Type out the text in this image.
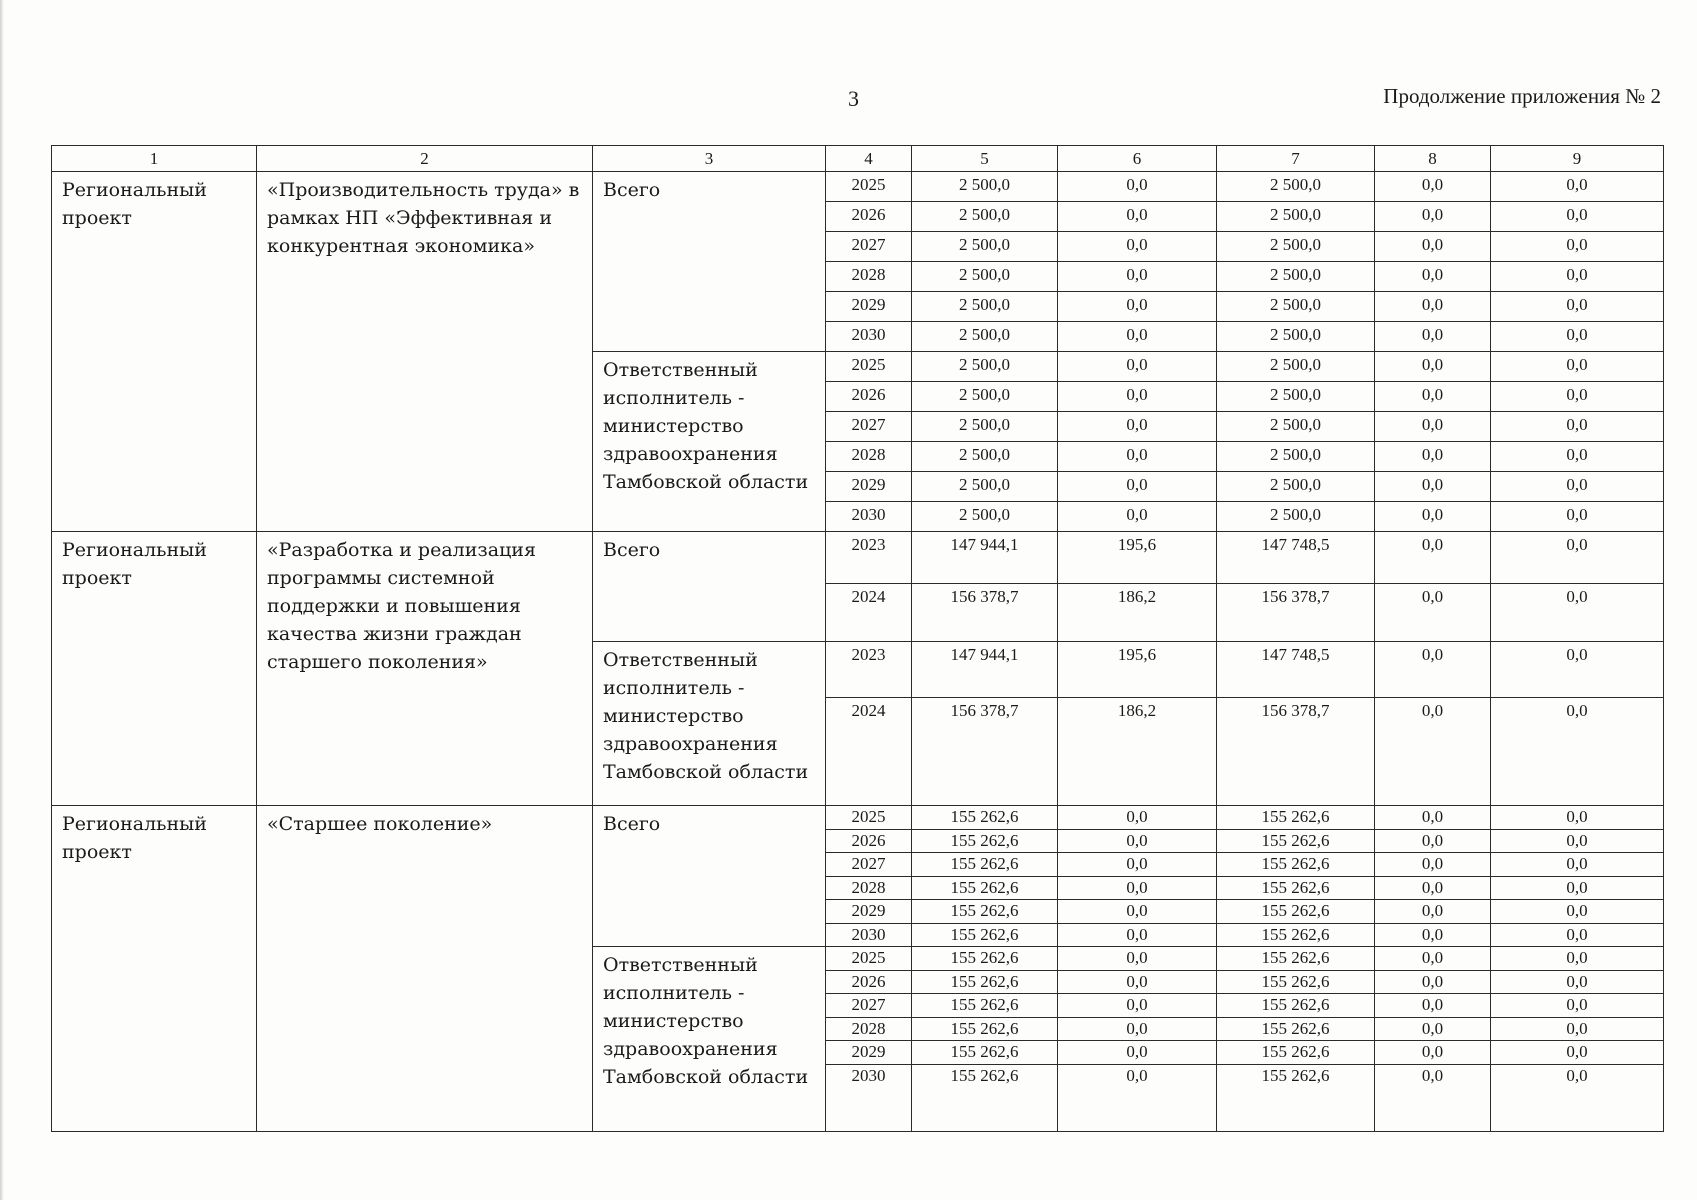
3	Продолжение приложения № 2
1	2	3	4	5	6	7	8	9
Региональный проект	«Производительность труда» в рамках НП «Эффективная и конкурентная экономика»	Всего	2025	2 500,0	0,0	2 500,0	0,0	0,0
			2026	2 500,0	0,0	2 500,0	0,0	0,0
			2027	2 500,0	0,0	2 500,0	0,0	0,0
			2028	2 500,0	0,0	2 500,0	0,0	0,0
			2029	2 500,0	0,0	2 500,0	0,0	0,0
			2030	2 500,0	0,0	2 500,0	0,0	0,0
		Ответственный исполнитель - министерство здравоохранения Тамбовской области	2025	2 500,0	0,0	2 500,0	0,0	0,0
			2026	2 500,0	0,0	2 500,0	0,0	0,0
			2027	2 500,0	0,0	2 500,0	0,0	0,0
			2028	2 500,0	0,0	2 500,0	0,0	0,0
			2029	2 500,0	0,0	2 500,0	0,0	0,0
			2030	2 500,0	0,0	2 500,0	0,0	0,0
Региональный проект	«Разработка и реализация программы системной поддержки и повышения качества жизни граждан старшего поколения»	Всего	2023	147 944,1	195,6	147 748,5	0,0	0,0
			2024	156 378,7	186,2	156 378,7	0,0	0,0
		Ответственный исполнитель - министерство здравоохранения Тамбовской области	2023	147 944,1	195,6	147 748,5	0,0	0,0
			2024	156 378,7	186,2	156 378,7	0,0	0,0
Региональный проект	«Старшее поколение»	Всего	2025	155 262,6	0,0	155 262,6	0,0	0,0
			2026	155 262,6	0,0	155 262,6	0,0	0,0
			2027	155 262,6	0,0	155 262,6	0,0	0,0
			2028	155 262,6	0,0	155 262,6	0,0	0,0
			2029	155 262,6	0,0	155 262,6	0,0	0,0
			2030	155 262,6	0,0	155 262,6	0,0	0,0
		Ответственный исполнитель - министерство здравоохранения Тамбовской области	2025	155 262,6	0,0	155 262,6	0,0	0,0
			2026	155 262,6	0,0	155 262,6	0,0	0,0
			2027	155 262,6	0,0	155 262,6	0,0	0,0
			2028	155 262,6	0,0	155 262,6	0,0	0,0
			2029	155 262,6	0,0	155 262,6	0,0	0,0
			2030	155 262,6	0,0	155 262,6	0,0	0,0
